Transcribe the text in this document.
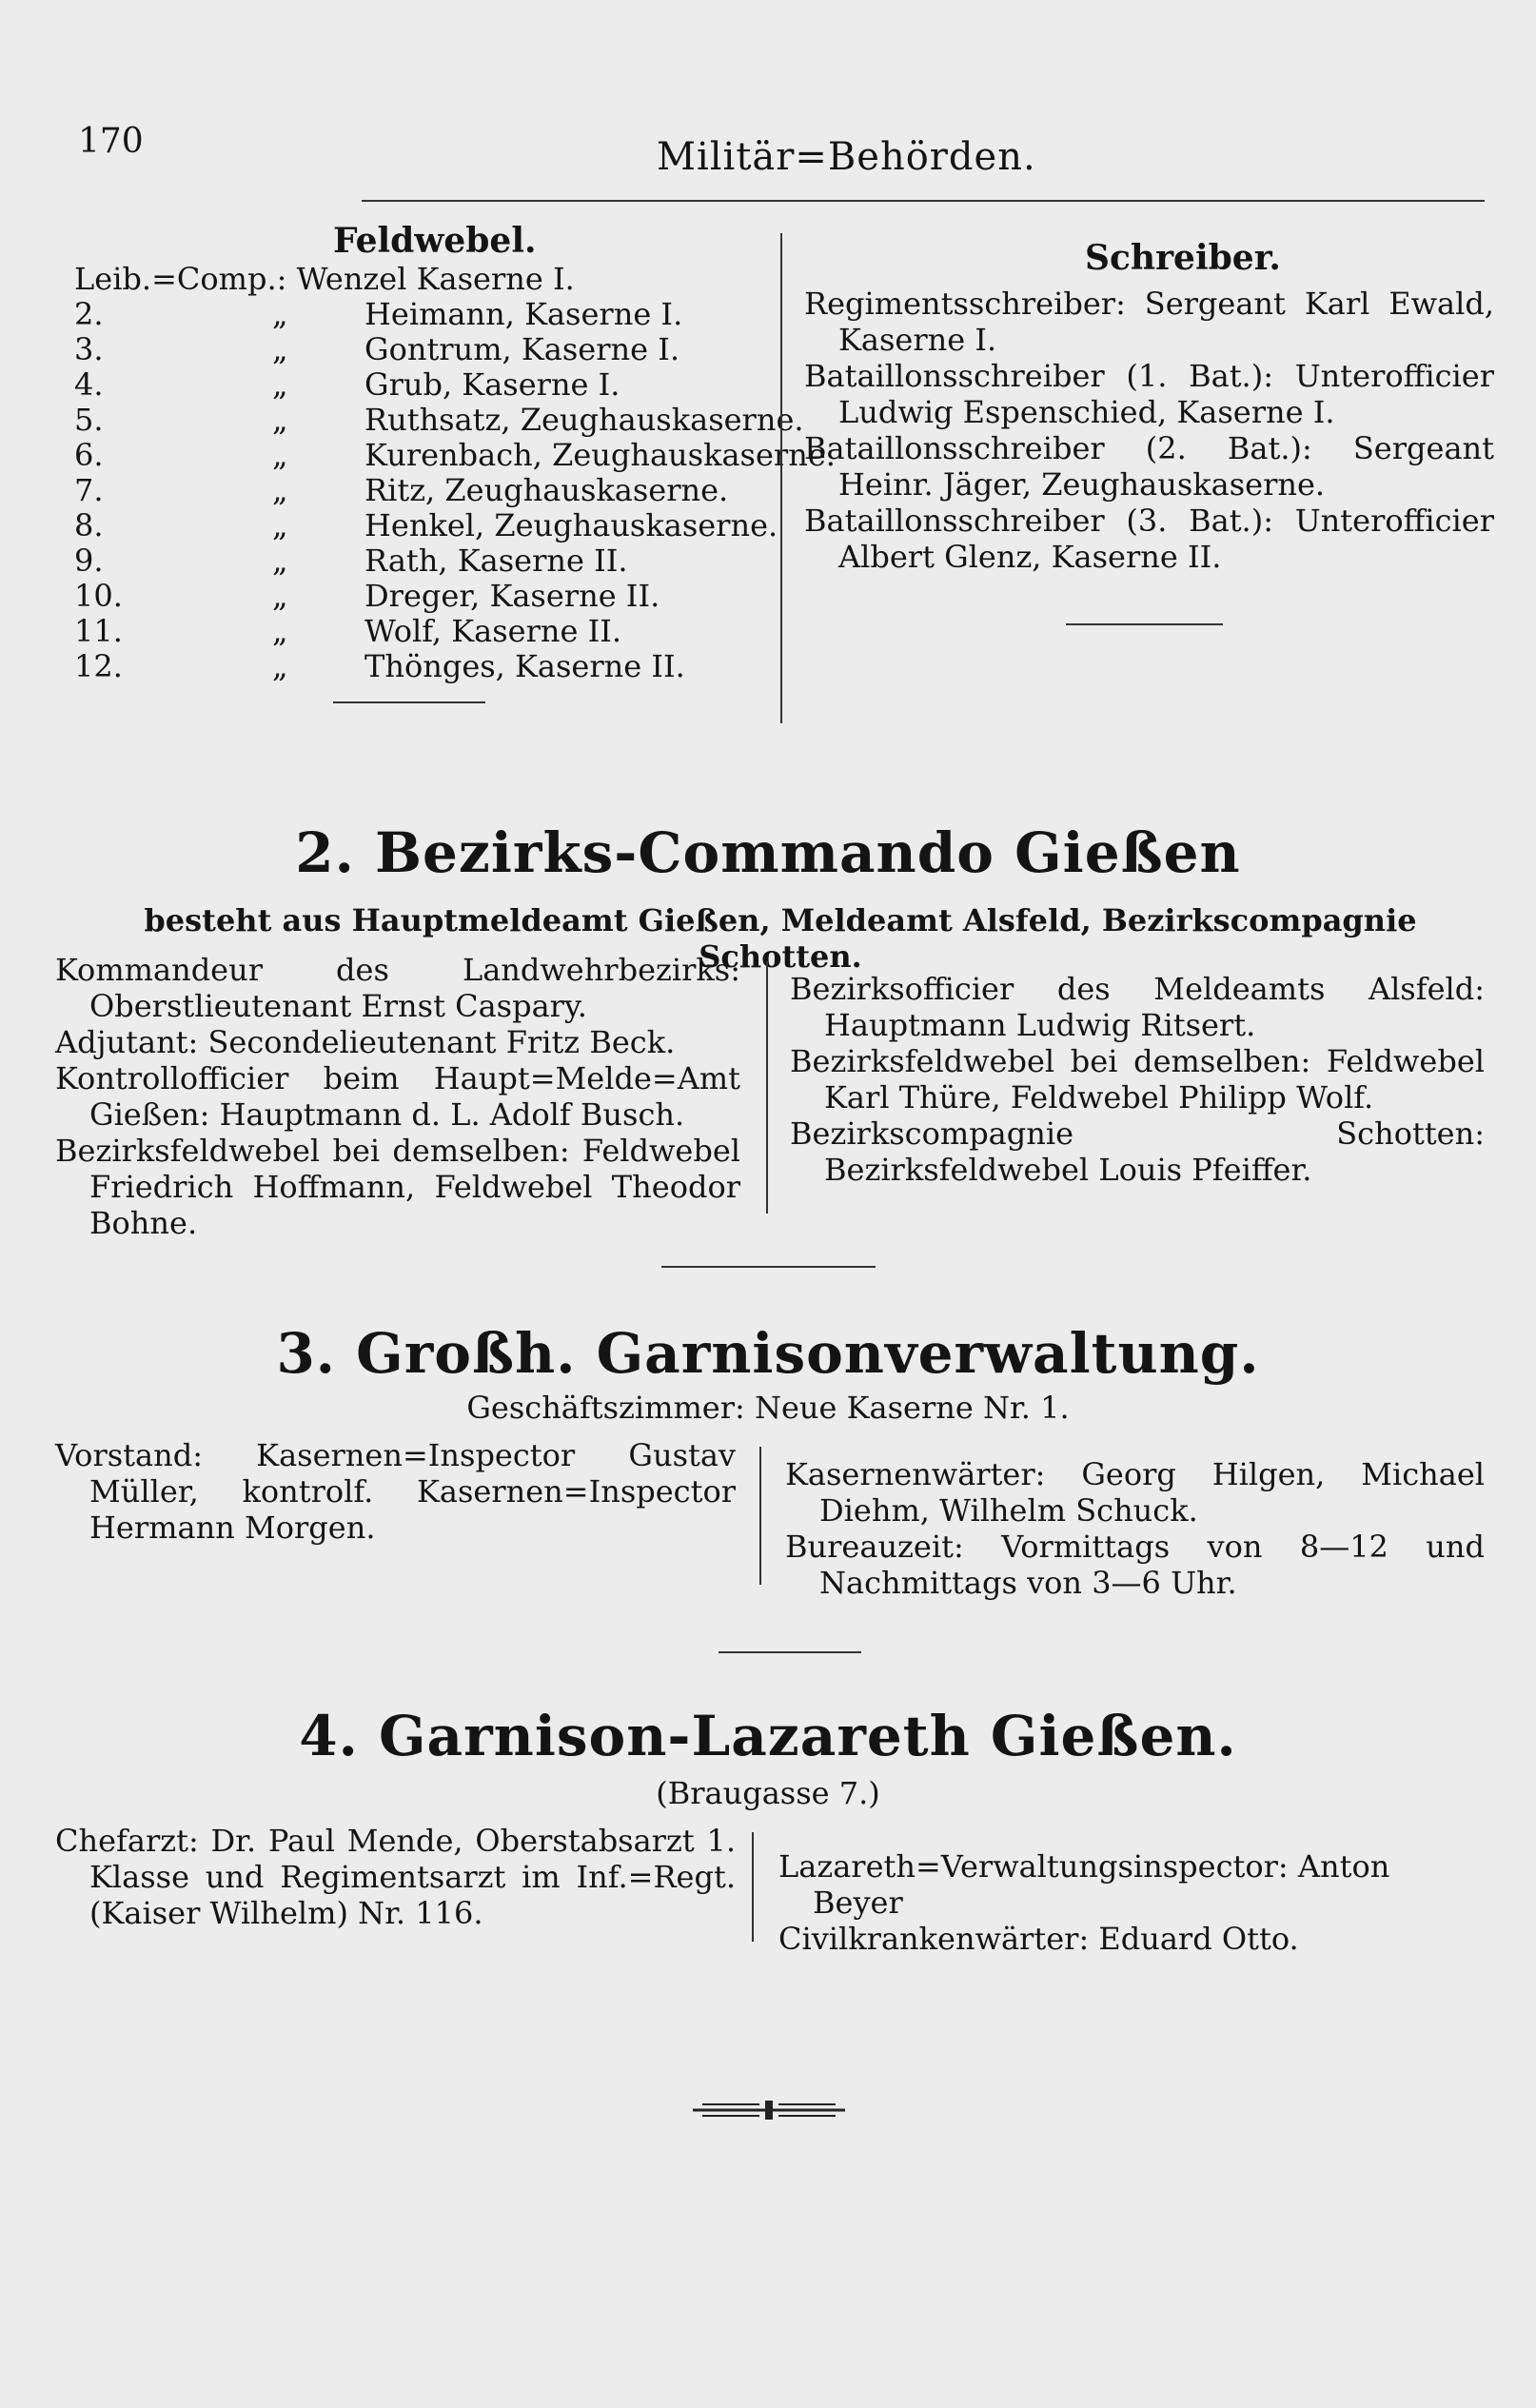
170	Militär=Behörden.
Feldwebel.
Leib.=Comp.: Wenzel Kaserne I.
2.	„	Heimann, Kaserne I.
3.	„	Gontrum, Kaserne I.
4.	„	Grub, Kaserne I.
5.	„	Ruthsatz, Zeughauskaserne.
6.	„	Kurenbach, Zeughauskaserne.
7.	„	Ritz, Zeughauskaserne.
8.	„	Henkel, Zeughauskaserne.
9.	„	Rath, Kaserne II.
10.	„	Dreger, Kaserne II.
11.	„	Wolf, Kaserne II.
12.	„	Thönges, Kaserne II.
Schreiber.

Regimentsschreiber: Sergeant Karl Ewald, Kaserne I.

Bataillonsschreiber (1. Bat.): Unterofficier Ludwig Espenschied, Kaserne I.

Bataillonsschreiber (2. Bat.): Sergeant Heinr. Jäger, Zeughauskaserne.

Bataillonsschreiber (3. Bat.): Unterofficier Albert Glenz, Kaserne II.

2. Bezirks-Commando Gießen
besteht aus Hauptmeldeamt Gießen, Meldeamt Alsfeld, Bezirkscompagnie Schotten.

Kommandeur des Landwehrbezirks: Oberstlieutenant Ernst Caspary.

Adjutant: Secondelieutenant Fritz Beck.

Kontrollofficier beim Haupt=Melde=Amt Gießen: Hauptmann d. L. Adolf Busch.

Bezirksfeldwebel bei demselben: Feldwebel Friedrich Hoffmann, Feldwebel Theodor Bohne.

Bezirksofficier des Meldeamts Alsfeld: Hauptmann Ludwig Ritsert.

Bezirksfeldwebel bei demselben: Feldwebel Karl Thüre, Feldwebel Philipp Wolf.

Bezirkscompagnie Schotten: Bezirksfeldwebel Louis Pfeiffer.

3. Großh. Garnisonverwaltung.
Geschäftszimmer: Neue Kaserne Nr. 1.

Vorstand: Kasernen=Inspector Gustav Müller, kontrolf. Kasernen=Inspector Hermann Morgen.

Kasernenwärter: Georg Hilgen, Michael Diehm, Wilhelm Schuck.

Bureauzeit: Vormittags von 8—12 und Nachmittags von 3—6 Uhr.

4. Garnison-Lazareth Gießen.
(Braugasse 7.)

Chefarzt: Dr. Paul Mende, Oberstabsarzt 1. Klasse und Regimentsarzt im Inf.=Regt. (Kaiser Wilhelm) Nr. 116.

Lazareth=Verwaltungsinspector: Anton Beyer

Civilkrankenwärter: Eduard Otto.
